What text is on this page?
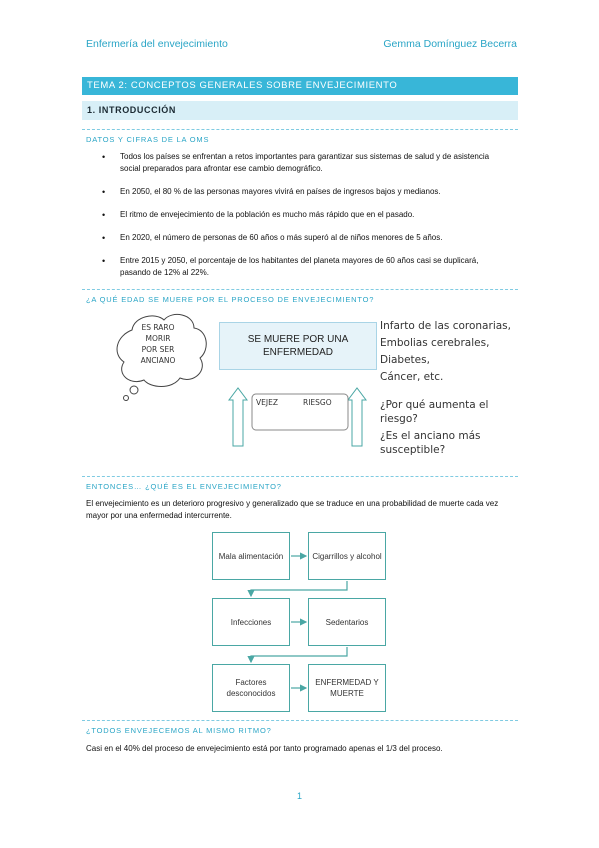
Enfermería del envejecimiento	Gemma Domínguez Becerra
TEMA 2: CONCEPTOS GENERALES SOBRE ENVEJECIMIENTO
1. INTRODUCCIÓN
DATOS Y CIFRAS DE LA OMS
• Todos los países se enfrentan a retos importantes para garantizar sus sistemas de salud y de asistencia social preparados para afrontar ese cambio demográfico.
• En 2050, el 80 % de las personas mayores vivirá en países de ingresos bajos y medianos.
• El ritmo de envejecimiento de la población es mucho más rápido que en el pasado.
• En 2020, el número de personas de 60 años o más superó al de niños menores de 5 años.
• Entre 2015 y 2050, el porcentaje de los habitantes del planeta mayores de 60 años casi se duplicará, pasando de 12% al 22%.
¿A QUÉ EDAD SE MUERE POR EL PROCESO DE ENVEJECIMIENTO?
ES RARO
MORIR
POR SER
ANCIANO
SE MUERE POR UNA ENFERMEDAD
Infarto de las coronarias,
Embolias cerebrales,
Diabetes,
Cáncer, etc.
VEJEZ	RIESGO	¿Por qué aumenta el
riesgo?
¿Es el anciano más
susceptible?
ENTONCES… ¿QUÉ ES EL ENVEJECIMIENTO?
El envejecimiento es un deterioro progresivo y generalizado que se traduce en una probabilidad de muerte cada vez mayor por una enfermedad intercurrente.
Mala alimentación	Cigarrillos y alcohol
Infecciones	Sedentarios
Factores desconocidos
ENFERMEDAD Y MUERTE
¿TODOS ENVEJECEMOS AL MISMO RITMO?
Casi en el 40% del proceso de envejecimiento está por tanto programado apenas el 1/3 del proceso.
1
